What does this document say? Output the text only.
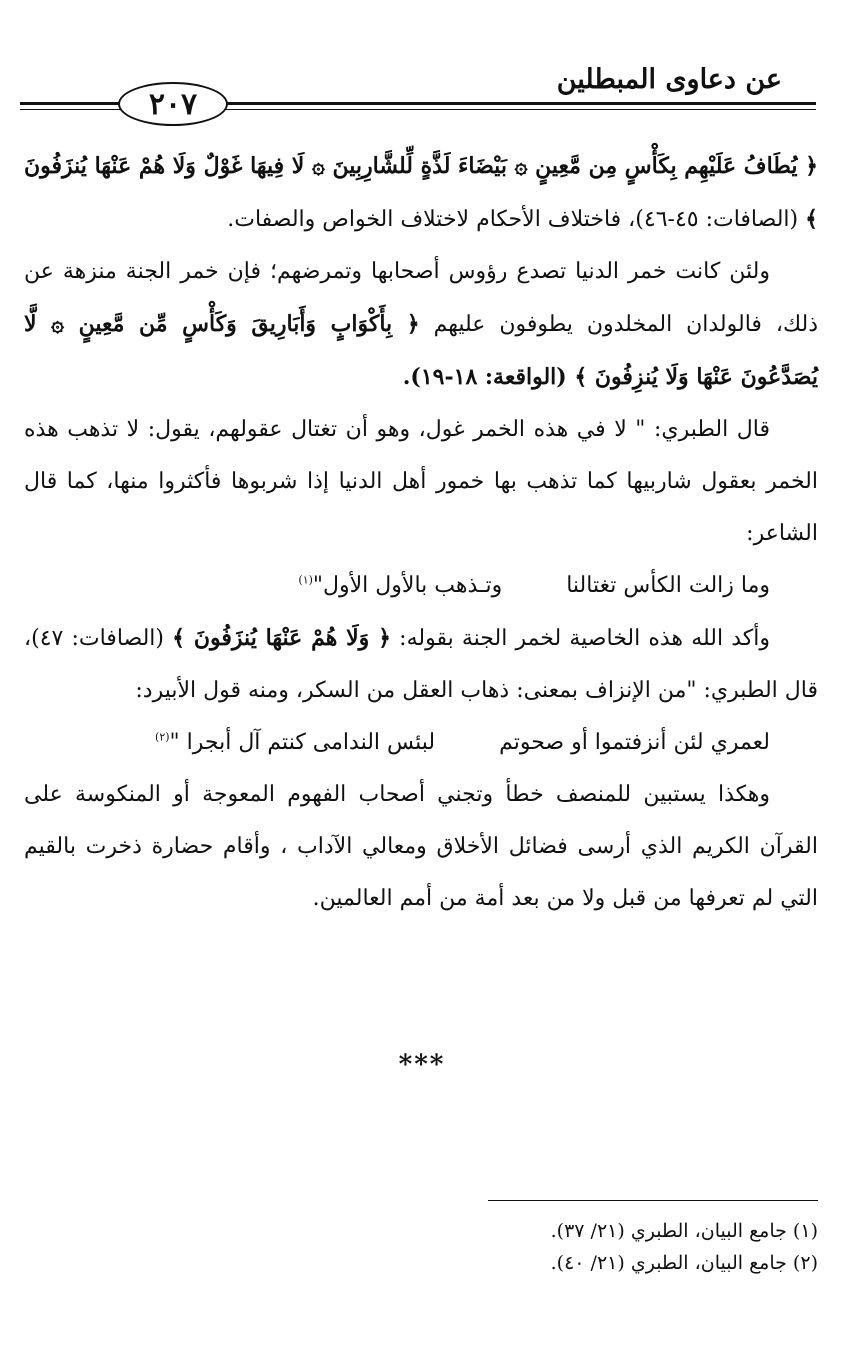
عن دعاوى المبطلين
٢٠٧

﴿ يُطَافُ عَلَيْهِم بِكَأْسٍ مِن مَّعِينٍ ۞ بَيْضَاءَ لَذَّةٍ لِّلشَّارِبِينَ ۞ لَا فِيهَا غَوْلٌ وَلَا هُمْ عَنْهَا يُنزَفُونَ ﴾ (الصافات: ٤٥-٤٦)، فاختلاف الأحكام لاختلاف الخواص والصفات.

ولئن كانت خمر الدنيا تصدع رؤوس أصحابها وتمرضهم؛ فإن خمر الجنة منزهة عن ذلك، فالولدان المخلدون يطوفون عليهم ﴿ بِأَكْوَابٍ وَأَبَارِيقَ وَكَأْسٍ مِّن مَّعِينٍ ۞ لَّا يُصَدَّعُونَ عَنْهَا وَلَا يُنزِفُونَ ﴾ (الواقعة: ١٨-١٩).

قال الطبري: " لا في هذه الخمر غول، وهو أن تغتال عقولهم، يقول: لا تذهب هذه الخمر بعقول شاربيها كما تذهب بها خمور أهل الدنيا إذا شربوها فأكثروا منها، كما قال الشاعر:

وما زالت الكأس تغتالنا
وتـذهب بالأول الأول"$^{(١)}$

وأكد الله هذه الخاصية لخمر الجنة بقوله: ﴿ وَلَا هُمْ عَنْهَا يُنزَفُونَ ﴾ (الصافات: ٤٧)، قال الطبري: "من الإنزاف بمعنى: ذهاب العقل من السكر، ومنه قول الأبيرد:

لعمري لئن أنزفتموا أو صحوتم
لبئس الندامى كنتم آل أبجرا "$^{(٢)}$

وهكذا يستبين للمنصف خطأ وتجني أصحاب الفهوم المعوجة أو المنكوسة على القرآن الكريم الذي أرسى فضائل الأخلاق ومعالي الآداب ، وأقام حضارة ذخرت بالقيم التي لم تعرفها من قبل ولا من بعد أمة من أمم العالمين.

***
(١) جامع البيان، الطبري (٢١/ ٣٧).
(٢) جامع البيان، الطبري (٢١/ ٤٠).
